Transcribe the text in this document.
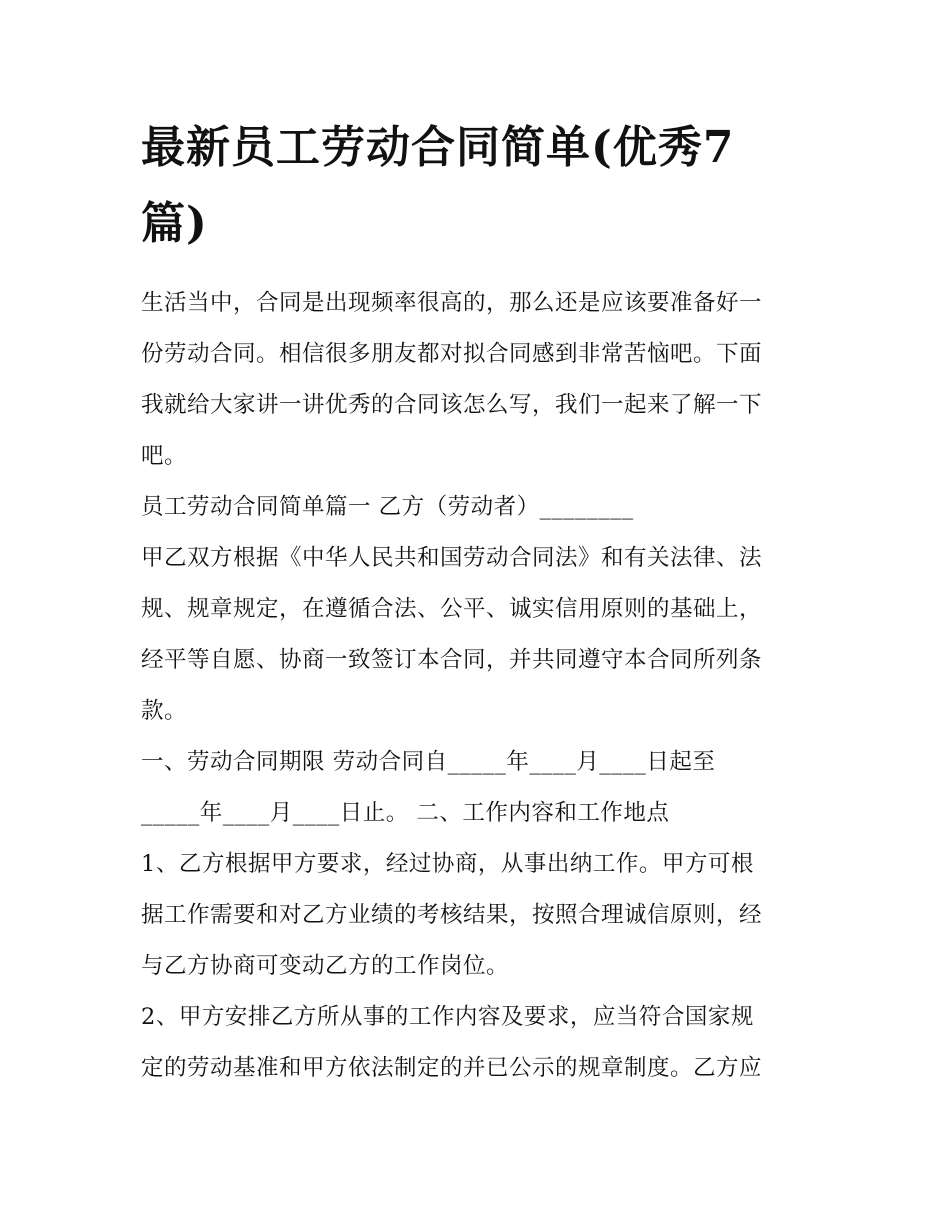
最新员工劳动合同简单(优秀7
篇)

生活当中，合同是出现频率很高的，那么还是应该要准备好一
份劳动合同。相信很多朋友都对拟合同感到非常苦恼吧。下面
我就给大家讲一讲优秀的合同该怎么写，我们一起来了解一下
吧。

员工劳动合同简单篇一 乙方（劳动者）________

甲乙双方根据《中华人民共和国劳动合同法》和有关法律、法
规、规章规定，在遵循合法、公平、诚实信用原则的基础上，
经平等自愿、协商一致签订本合同，并共同遵守本合同所列条
款。

一、劳动合同期限 劳动合同自_____年____月____日起至
_____年____月____日止。 二、工作内容和工作地点

1、乙方根据甲方要求，经过协商，从事出纳工作。甲方可根
据工作需要和对乙方业绩的考核结果，按照合理诚信原则，经
与乙方协商可变动乙方的工作岗位。

2、甲方安排乙方所从事的工作内容及要求，应当符合国家规
定的劳动基准和甲方依法制定的并已公示的规章制度。乙方应
